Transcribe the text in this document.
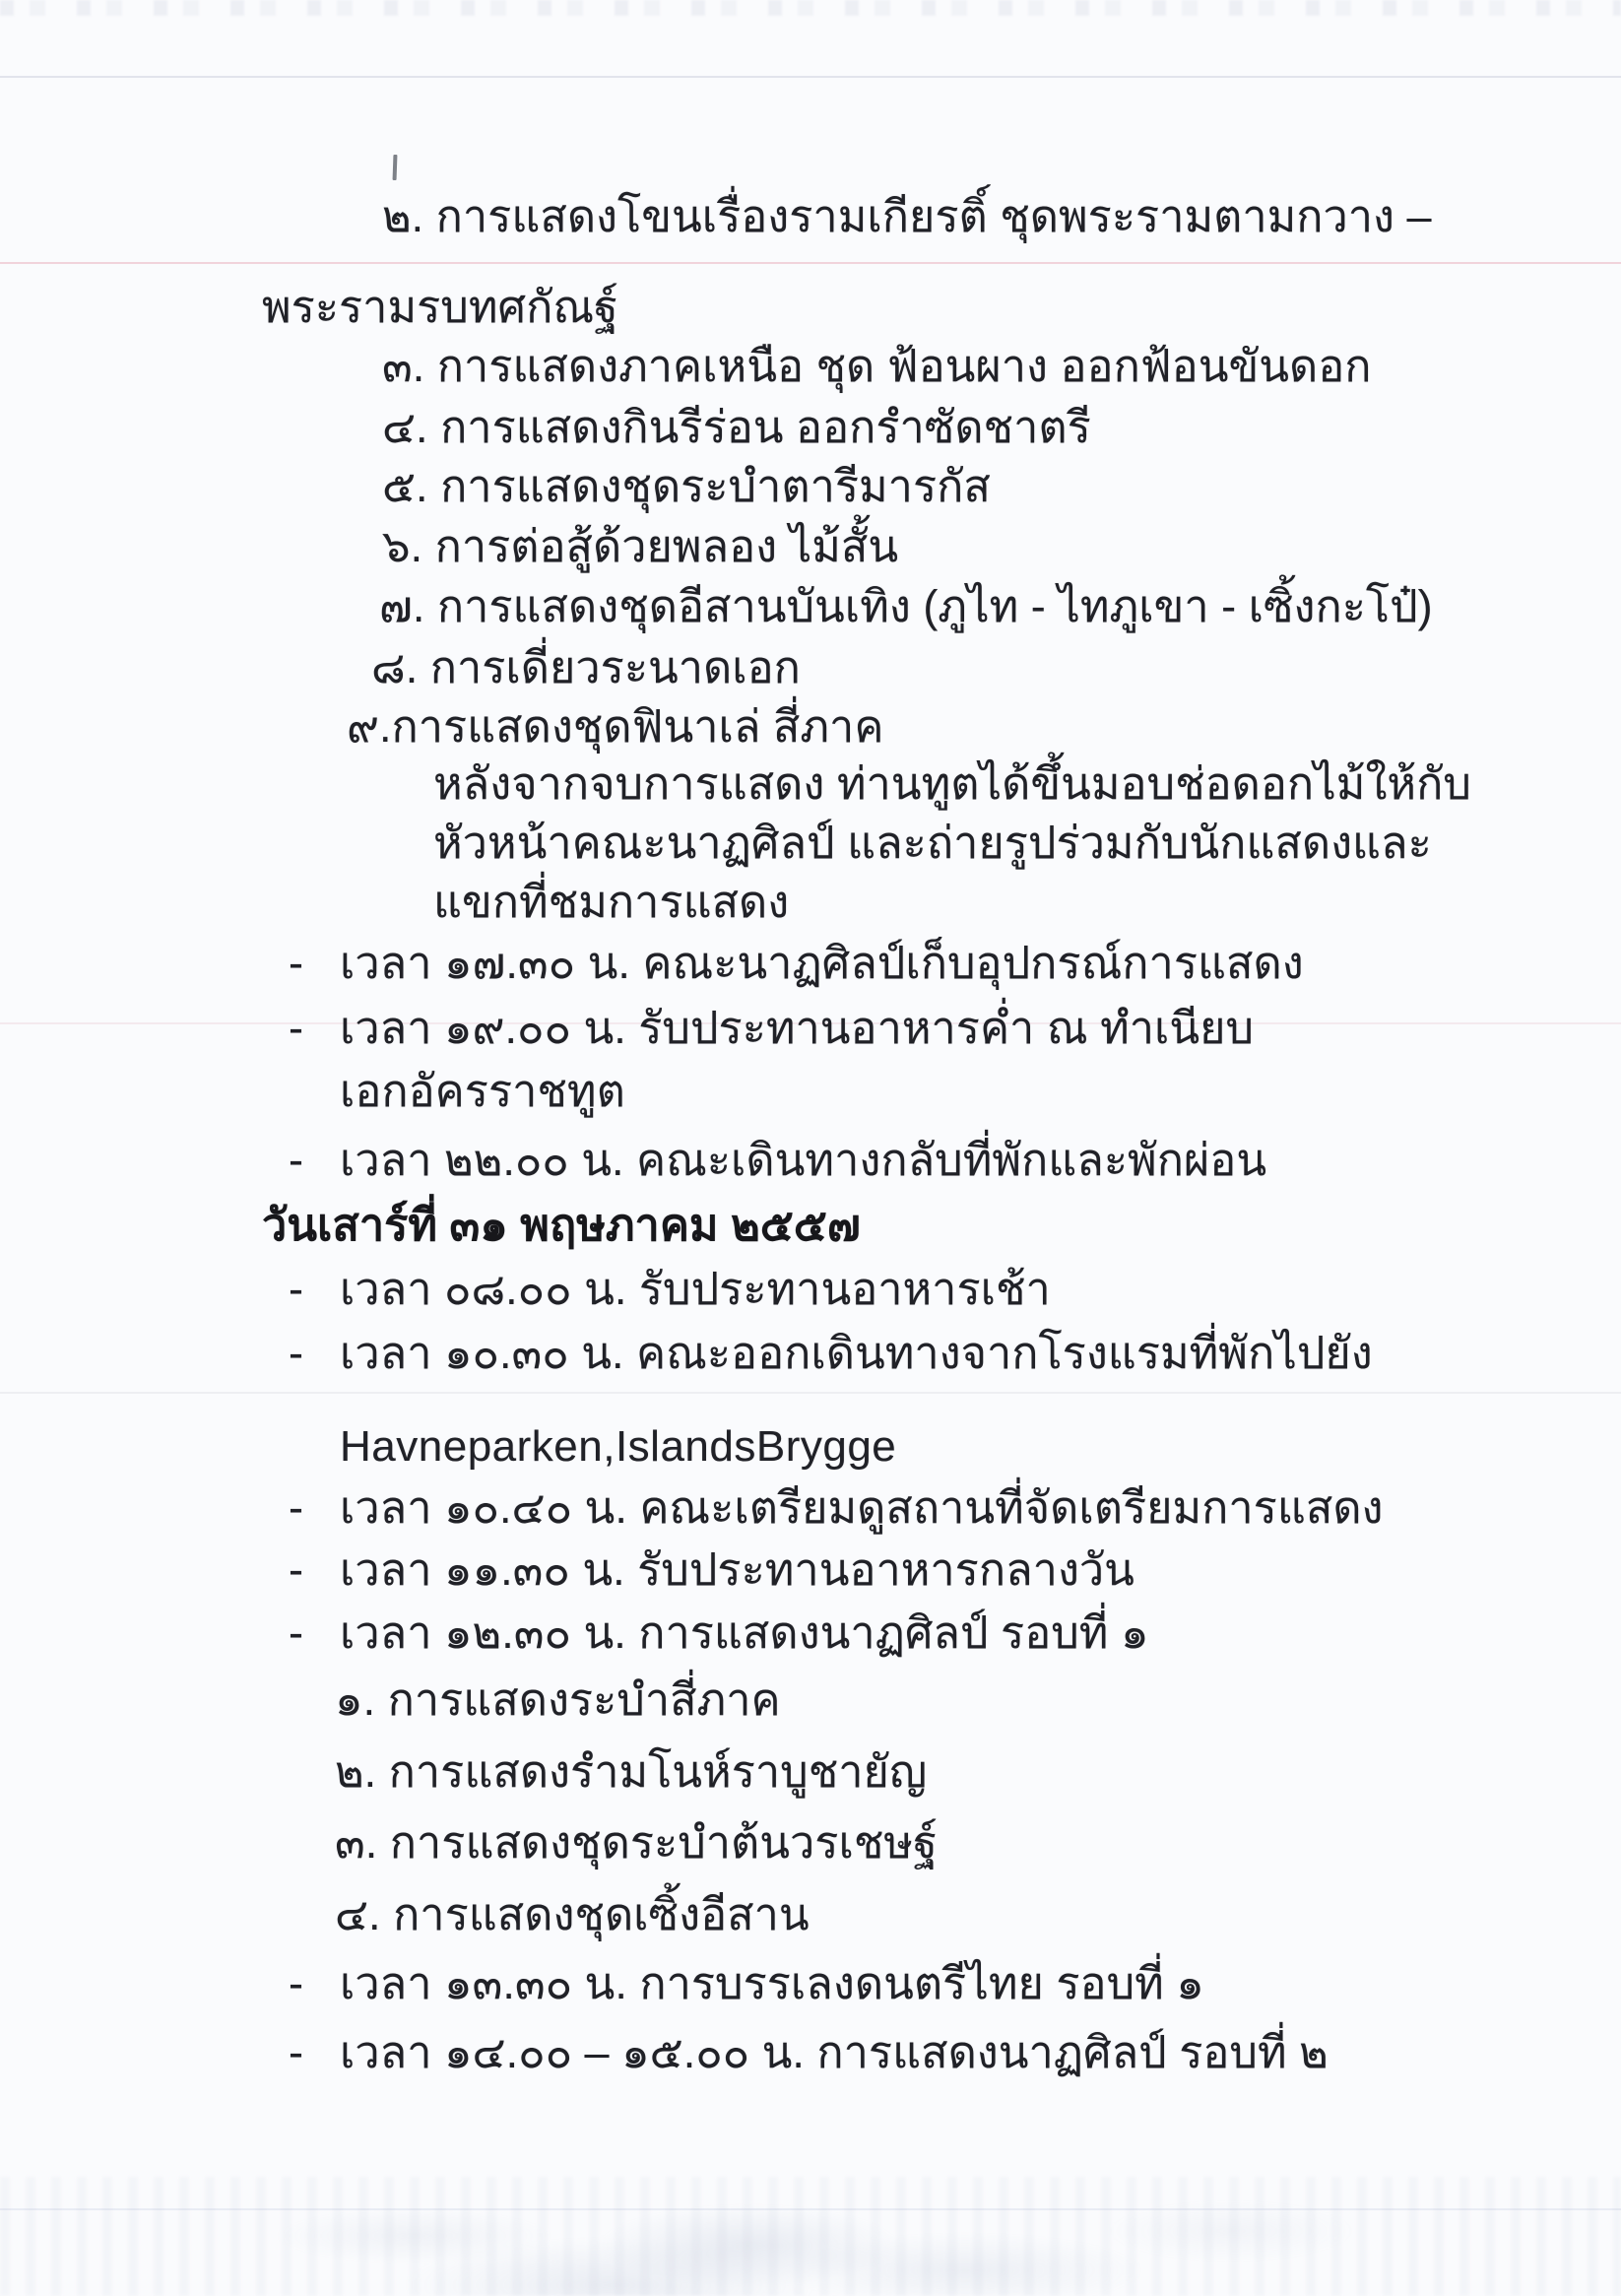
๒. การแสดงโขนเรื่องรามเกียรติ์ ชุดพระรามตามกวาง –
พระรามรบทศกัณฐ์
๓. การแสดงภาคเหนือ ชุด ฟ้อนผาง ออกฟ้อนขันดอก
๔. การแสดงกินรีร่อน ออกรำซัดชาตรี
๕. การแสดงชุดระบำตารีมารกัส
๖. การต่อสู้ด้วยพลอง ไม้สั้น
๗. การแสดงชุดอีสานบันเทิง (ภูไท - ไทภูเขา - เซิ้งกะโป๋)
๘. การเดี่ยวระนาดเอก
๙.การแสดงชุดฟินาเล่ สี่ภาค
หลังจากจบการแสดง ท่านทูตได้ขึ้นมอบช่อดอกไม้ให้กับ
หัวหน้าคณะนาฏศิลป์ และถ่ายรูปร่วมกับนักแสดงและ
แขกที่ชมการแสดง
- เวลา ๑๗.๓๐ น. คณะนาฏศิลป์เก็บอุปกรณ์การแสดง
- เวลา ๑๙.๐๐ น. รับประทานอาหารค่ำ ณ ทำเนียบ
เอกอัครราชทูต
- เวลา ๒๒.๐๐ น. คณะเดินทางกลับที่พักและพักผ่อน
วันเสาร์ที่ ๓๑ พฤษภาคม ๒๕๕๗
- เวลา ๐๘.๐๐ น. รับประทานอาหารเช้า
- เวลา ๑๐.๓๐ น. คณะออกเดินทางจากโรงแรมที่พักไปยัง
Havneparken,IslandsBrygge
- เวลา ๑๐.๔๐ น. คณะเตรียมดูสถานที่จัดเตรียมการแสดง
- เวลา ๑๑.๓๐ น. รับประทานอาหารกลางวัน
- เวลา ๑๒.๓๐ น. การแสดงนาฏศิลป์ รอบที่ ๑
๑. การแสดงระบำสี่ภาค
๒. การแสดงรำมโนห์ราบูชายัญ
๓. การแสดงชุดระบำต้นวรเชษฐ์
๔. การแสดงชุดเซิ้งอีสาน
- เวลา ๑๓.๓๐ น. การบรรเลงดนตรีไทย รอบที่ ๑
- เวลา ๑๔.๐๐ – ๑๕.๐๐ น. การแสดงนาฏศิลป์ รอบที่ ๒
